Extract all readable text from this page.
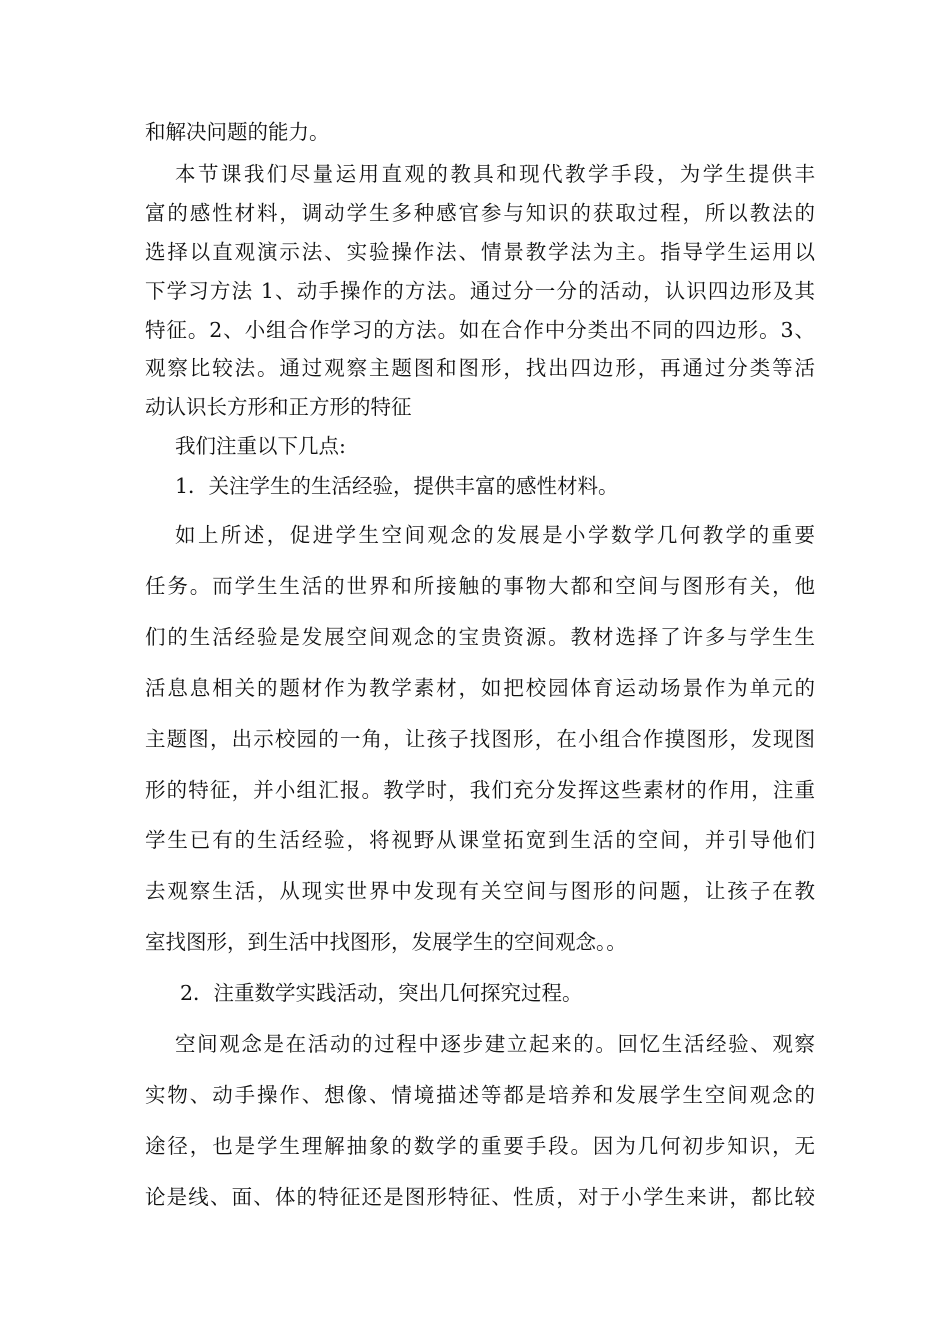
和解决问题的能力。
本节课我们尽量运用直观的教具和现代教学手段，为学生提供丰
富的感性材料，调动学生多种感官参与知识的获取过程，所以教法的
选择以直观演示法、实验操作法、情景教学法为主。指导学生运用以
下学习方法 1、动手操作的方法。通过分一分的活动，认识四边形及其
特征。2、小组合作学习的方法。如在合作中分类出不同的四边形。3、
观察比较法。通过观察主题图和图形，找出四边形，再通过分类等活
动认识长方形和正方形的特征
我们注重以下几点:
1．关注学生的生活经验，提供丰富的感性材料。
如上所述，促进学生空间观念的发展是小学数学几何教学的重要
任务。而学生生活的世界和所接触的事物大都和空间与图形有关，他
们的生活经验是发展空间观念的宝贵资源。教材选择了许多与学生生
活息息相关的题材作为教学素材，如把校园体育运动场景作为单元的
主题图，出示校园的一角，让孩子找图形，在小组合作摸图形，发现图
形的特征，并小组汇报。教学时，我们充分发挥这些素材的作用，注重
学生已有的生活经验，将视野从课堂拓宽到生活的空间，并引导他们
去观察生活，从现实世界中发现有关空间与图形的问题，让孩子在教
室找图形，到生活中找图形，发展学生的空间观念。。
2．注重数学实践活动，突出几何探究过程。
空间观念是在活动的过程中逐步建立起来的。回忆生活经验、观察
实物、动手操作、想像、情境描述等都是培养和发展学生空间观念的
途径，也是学生理解抽象的数学的重要手段。因为几何初步知识，无
论是线、面、体的特征还是图形特征、性质，对于小学生来讲，都比较
